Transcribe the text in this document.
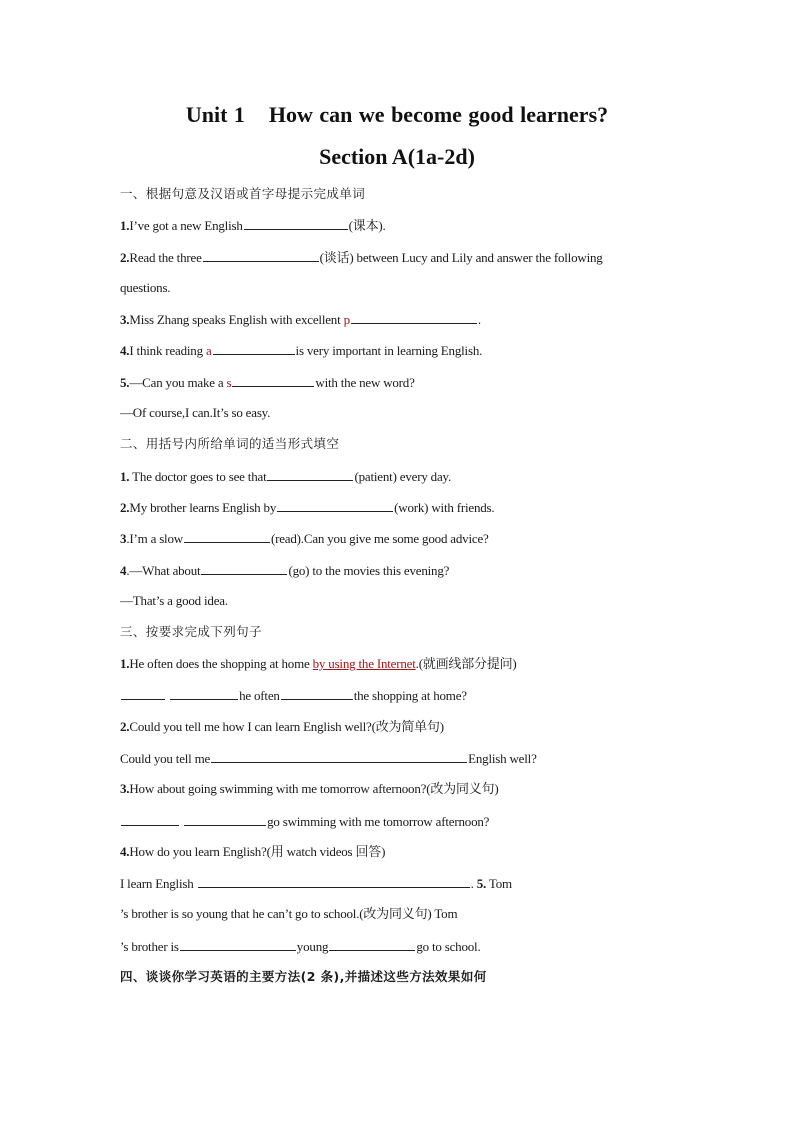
Unit 1 How can we become good learners?
Section A(1a-2d)
一、根据句意及汉语或首字母提示完成单词
1.I’ve got a new English	(课本).
2.Read the three	(谈话) between Lucy and Lily and answer the following
questions.
3.Miss Zhang speaks English with excellent p	.
4.I think reading a	is very important in learning English.
5.—Can you make a s	with the new word?
—Of course,I can.It’s so easy.
二、用括号内所给单词的适当形式填空
1. The doctor goes to see that	(patient) every day.
2.My brother learns English by	(work) with friends.
3.I’m a slow	(read).Can you give me some good advice?
4.—What about	(go) to the movies this evening?
—That’s a good idea.
三、按要求完成下列句子
1.He often does the shopping at home by using the Internet.(就画线部分提问)
he often	the shopping at home?
2.Could you tell me how I can learn English well?(改为简单句)
Could you tell me	English well?
3.How about going swimming with me tomorrow afternoon?(改为同义句)
go swimming with me tomorrow afternoon?
4.How do you learn English?(用 watch videos 回答)
I learn English	. 5. Tom
’s brother is so young that he can’t go to school.(改为同义句) Tom
’s brother is	young	go to school.
四、谈谈你学习英语的主要方法(2 条),并描述这些方法效果如何
